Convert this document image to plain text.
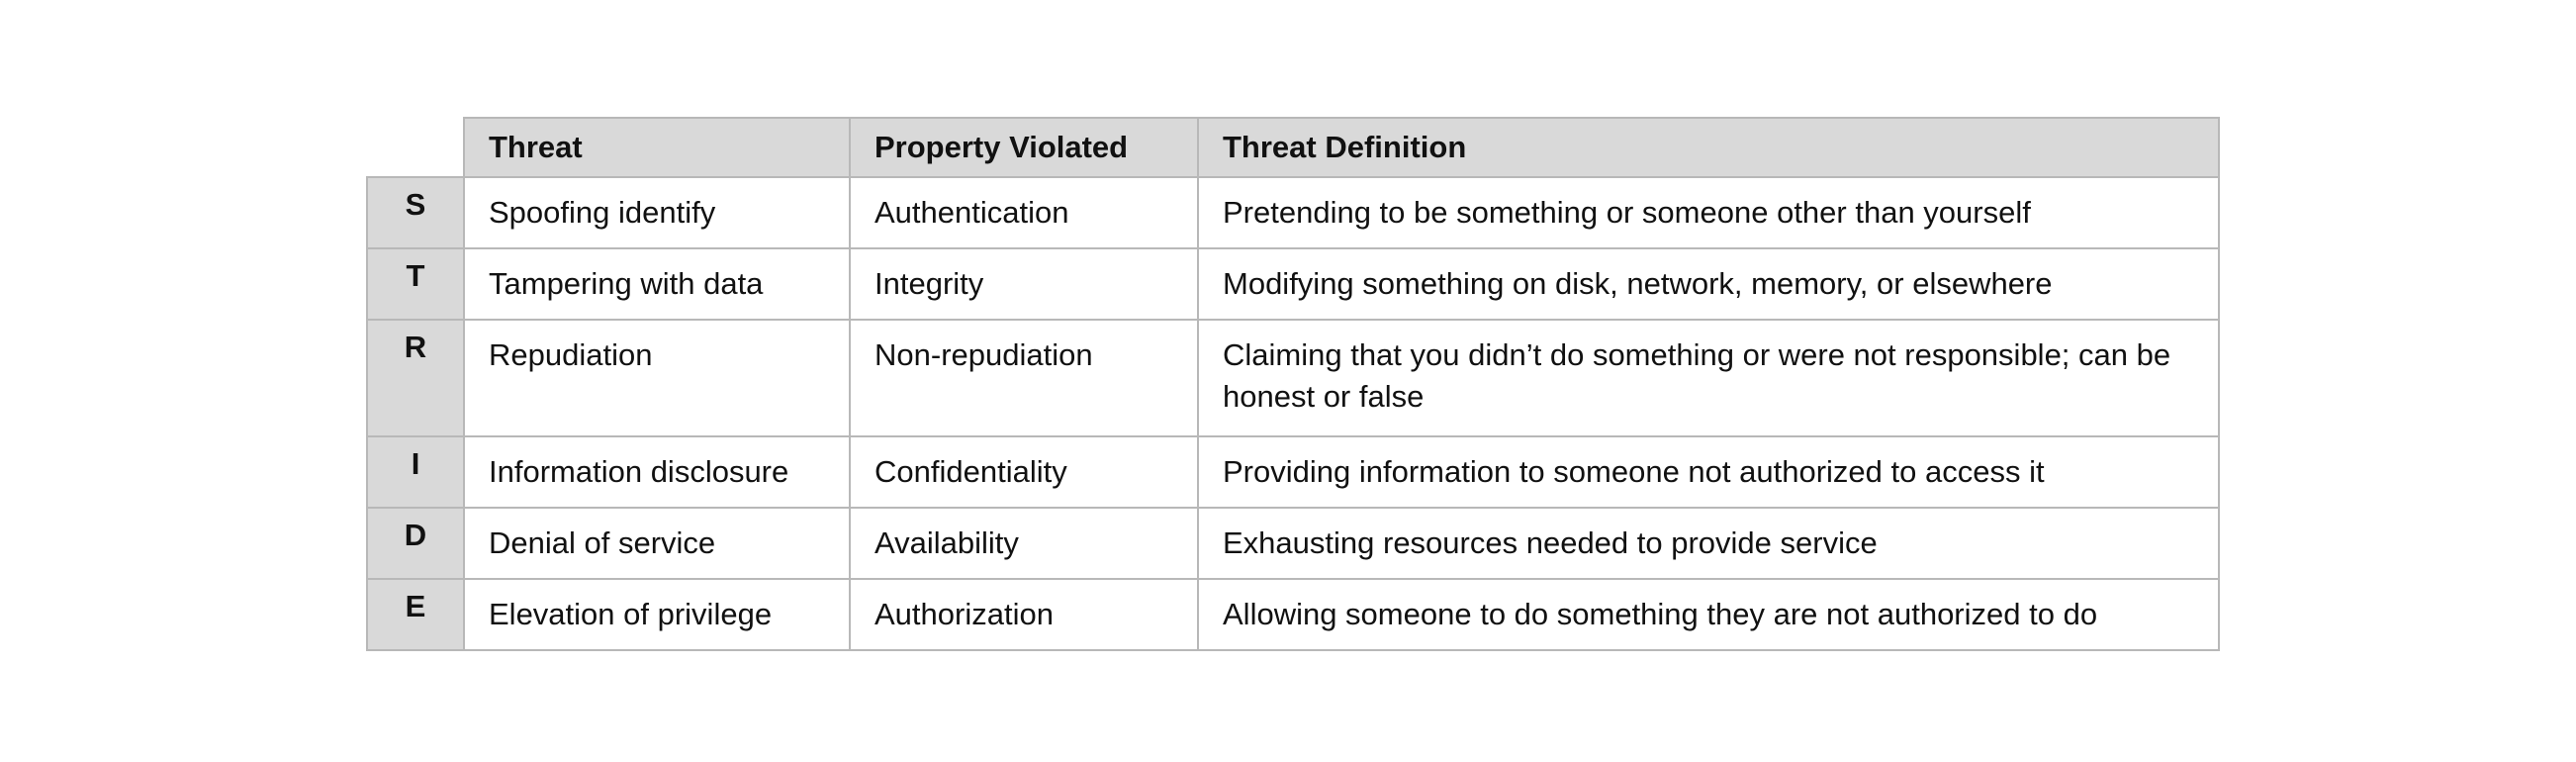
	Threat	Property Violated	Threat Definition
S	Spoofing identify	Authentication	Pretending to be something or someone other than yourself
T	Tampering with data	Integrity	Modifying something on disk, network, memory, or elsewhere
R	Repudiation	Non-repudiation	Claiming that you didn’t do something or were not responsible; can be honest or false
I	Information disclosure	Confidentiality	Providing information to someone not authorized to access it
D	Denial of service	Availability	Exhausting resources needed to provide service
E	Elevation of privilege	Authorization	Allowing someone to do something they are not authorized to do
